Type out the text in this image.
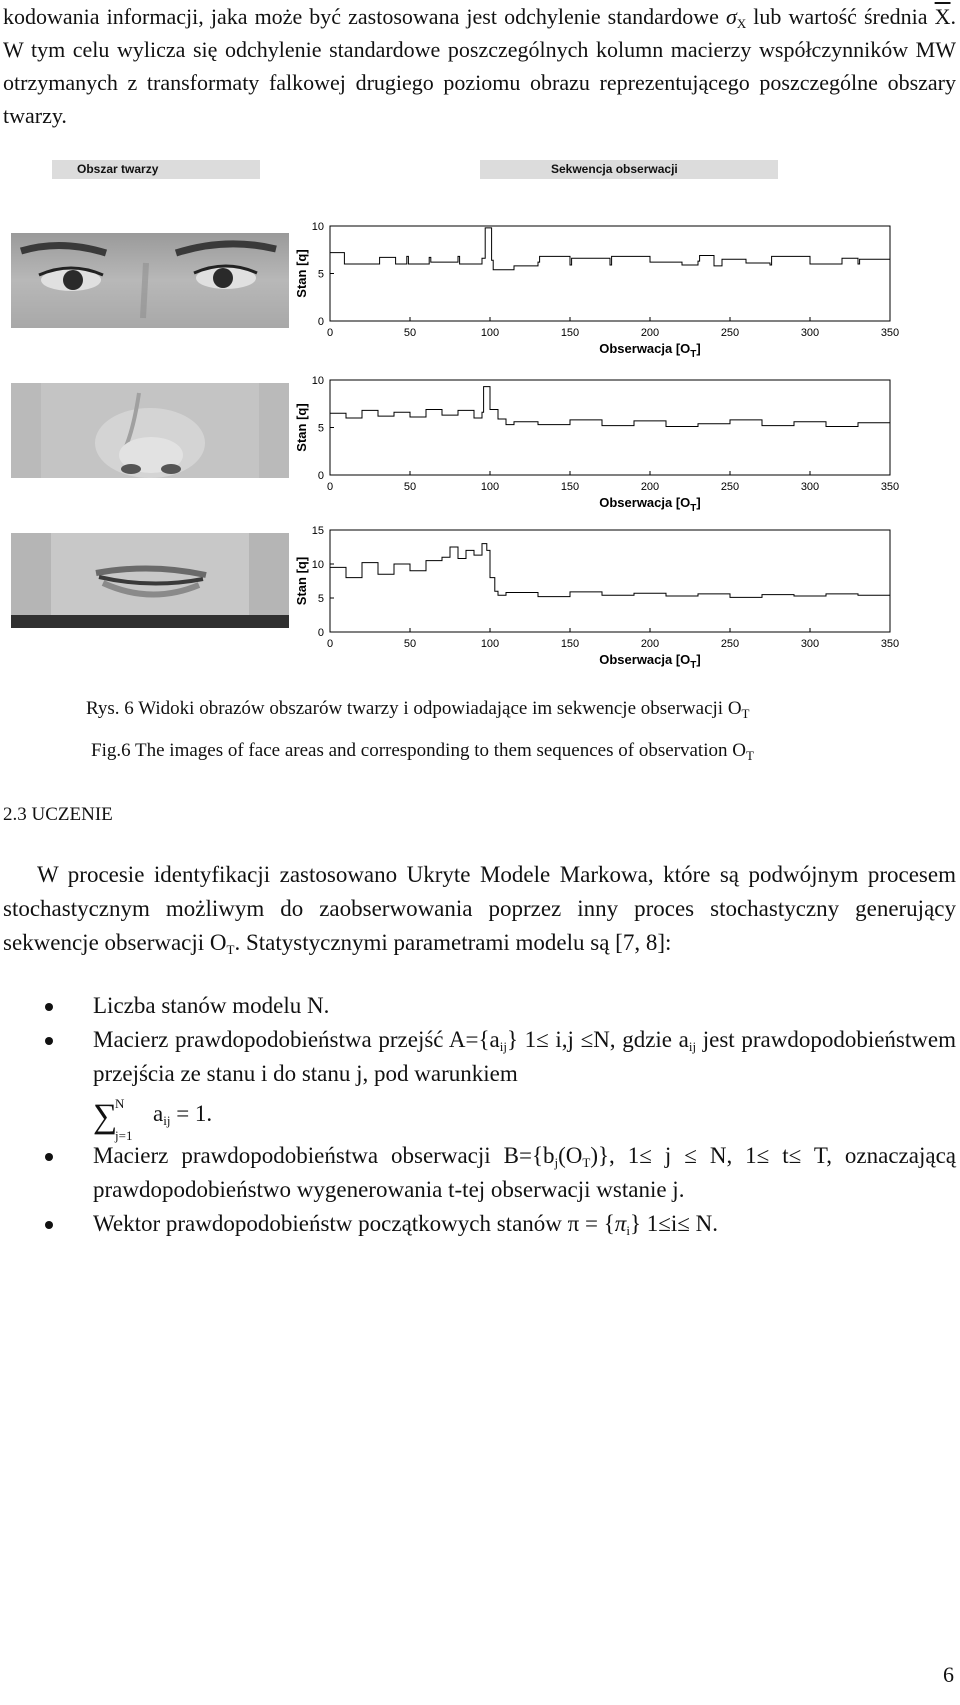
kodowania informacji, jaka może być zastosowana jest odchylenie standardowe $\sigma_X$ lub wartość średnia $\overline{X}$. W tym celu wylicza się odchylenie standardowe poszczególnych kolumn macierzy współczynników MW otrzymanych z transformaty falkowej drugiego poziomu obrazu reprezentującego poszczególne obszary twarzy.
Obszar twarzy	Sekwencja obserwacji
0	50	100	150	200	250	300	350
0
5
10
Stan [q]
Obserwacja $[O_T]$
0	50	100	150	200	250	300	350
0
5
10
Stan [q]
Obserwacja $[O_T]$
0	50	100	150	200	250	300	350
0
5
10
15
Stan [q]
Obserwacja $[O_T]$
Rys. 6 Widoki obrazów obszarów twarzy i odpowiadające im sekwencje obserwacji $O_T$
Fig.6 The images of face areas and corresponding to them sequences of observation $O_T$
2.3 UCZENIE
W procesie identyfikacji zastosowano Ukryte Modele Markowa, które są podwójnym procesem stochastycznym możliwym do zaobserwowania poprzez inny proces stochastyczny generujący sekwencje obserwacji $O_T$. Statystycznymi parametrami modelu są [7, 8]:
Liczba stanów modelu N.
Macierz prawdopodobieństwa przejść $A=\{a_{ij}\}$ 1≤ i,j ≤N, gdzie $a_{ij}$ jest prawdopodobieństwem przejścia ze stanu i do stanu j, pod warunkiem
∑
N
j=1
$a_{ij} = 1$.
Macierz prawdopodobieństwa obserwacji $B=\{b_j(O_T)\}$, 1≤ j ≤ N, 1≤ t≤ T, oznaczającą prawdopodobieństwo wygenerowania t-tej obserwacji wstanie j.
Wektor prawdopodobieństw początkowych stanów $\pi = \{\pi_i\}$ 1≤i≤ N.
6
